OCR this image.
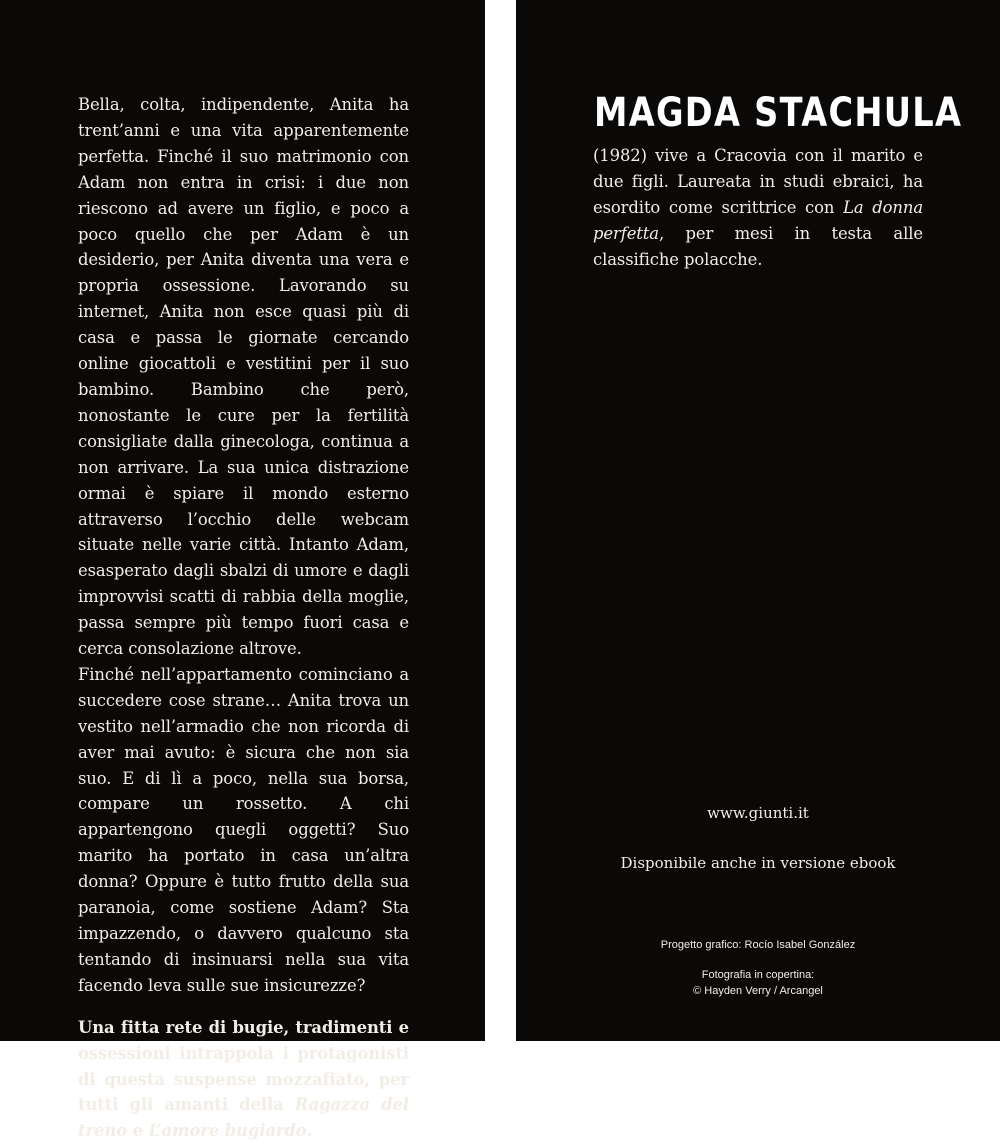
Bella, colta, indipendente, Anita ha trent’anni e una vita apparentemente perfetta. Finché il suo matrimonio con Adam non entra in crisi: i due non riescono ad avere un figlio, e poco a poco quello che per Adam è un desiderio, per Anita diventa una vera e propria ossessione. Lavorando su internet, Anita non esce quasi più di casa e passa le giornate cercando online giocattoli e vestitini per il suo bambino. Bambino che però, nonostante le cure per la fertilità consigliate dalla ginecologa, continua a non arrivare. La sua unica distrazione ormai è spiare il mondo esterno attraverso l’occhio delle webcam situate nelle varie città. Intanto Adam, esasperato dagli sbalzi di umore e dagli improvvisi scatti di rabbia della moglie, passa sempre più tempo fuori casa e cerca consolazione altrove.

Finché nell’appartamento cominciano a succedere cose strane… Anita trova un vestito nell’armadio che non ricorda di aver mai avuto: è sicura che non sia suo. E di lì a poco, nella sua borsa, compare un rossetto. A chi appartengono quegli oggetti? Suo marito ha portato in casa un’altra donna? Oppure è tutto frutto della sua paranoia, come sostiene Adam? Sta impazzendo, o davvero qualcuno sta tentando di insinuarsi nella sua vita facendo leva sulle sue insicurezze?

Una fitta rete di bugie, tradimenti e ossessioni intrappola i protagonisti di questa suspense mozzafiato, per tutti gli amanti della Ragazza del treno e L’amore bugiardo.

MAGDA STACHULA

(1982) vive a Cracovia con il marito e due figli. Laureata in studi ebraici, ha esordito come scrittrice con La donna perfetta, per mesi in testa alle classifiche polacche.

www.giunti.it

Disponibile anche in versione ebook

Progetto grafico: Rocío Isabel González

Fotografia in copertina:
© Hayden Verry / Arcangel
